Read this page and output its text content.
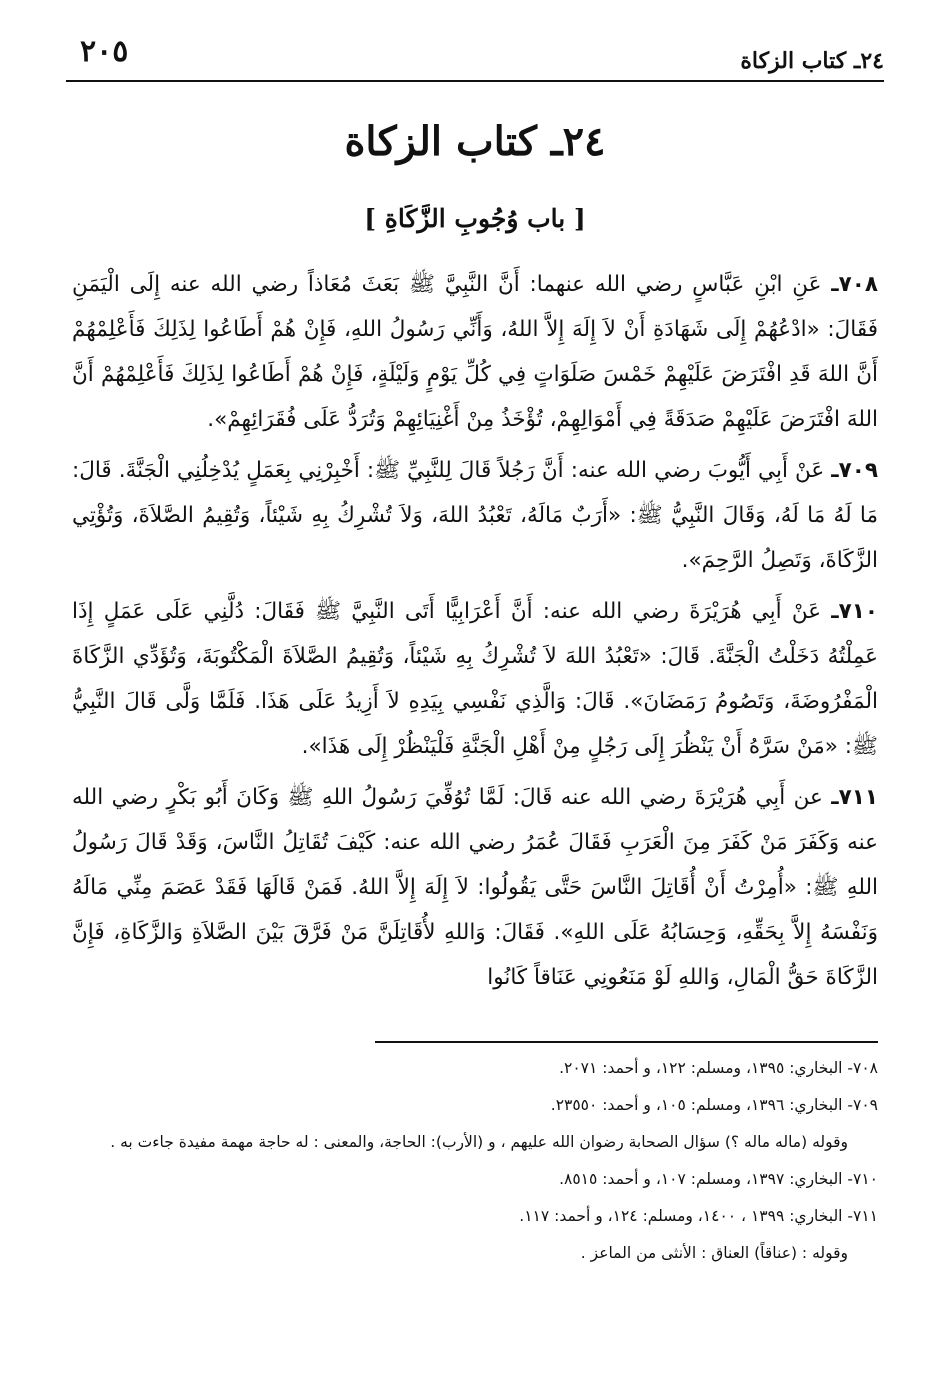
٢٤ـ كتاب الزكاة
٢٠٥
٢٤ـ كتاب الزكاة
[ باب وُجُوبِ الزَّكَاةِ ]

٧٠٨ـ عَنِ ابْنِ عَبَّاسٍ رضي الله عنهما: أَنَّ النَّبِيَّ ﷺ بَعَثَ مُعَاذاً رضي الله عنه إِلَى الْيَمَنِ فَقَالَ: «ادْعُهُمْ إِلَى شَهَادَةِ أَنْ لاَ إِلَهَ إِلاَّ اللهُ، وَأَنِّي رَسُولُ اللهِ، فَإِنْ هُمْ أَطَاعُوا لِذَلِكَ فَأَعْلِمْهُمْ أَنَّ اللهَ قَدِ افْتَرَضَ عَلَيْهِمْ خَمْسَ صَلَوَاتٍ فِي كُلِّ يَوْمٍ وَلَيْلَةٍ، فَإِنْ هُمْ أَطَاعُوا لِذَلِكَ فَأَعْلِمْهُمْ أَنَّ اللهَ افْتَرَضَ عَلَيْهِمْ صَدَقَةً فِي أَمْوَالِهِمْ، تُؤْخَذُ مِنْ أَغْنِيَائِهِمْ وَتُرَدُّ عَلَى فُقَرَائِهِمْ».

٧٠٩ـ عَنْ أَبِي أَيُّوبَ رضي الله عنه: أَنَّ رَجُلاً قَالَ لِلنَّبِيِّ ﷺ: أَخْبِرْنِي بِعَمَلٍ يُدْخِلُنِي الْجَنَّةَ. قَالَ: مَا لَهُ مَا لَهُ، وَقَالَ النَّبِيُّ ﷺ: «أَرَبٌ مَالَهُ، تَعْبُدُ اللهَ، وَلاَ تُشْرِكُ بِهِ شَيْئاً، وَتُقِيمُ الصَّلاَةَ، وَتُؤْتِي الزَّكَاةَ، وَتَصِلُ الرَّحِمَ».

٧١٠ـ عَنْ أَبِي هُرَيْرَةَ رضي الله عنه: أَنَّ أَعْرَابِيًّا أَتَى النَّبِيَّ ﷺ فَقَالَ: دُلَّنِي عَلَى عَمَلٍ إِذَا عَمِلْتُهُ دَخَلْتُ الْجَنَّةَ. قَالَ: «تَعْبُدُ اللهَ لاَ تُشْرِكُ بِهِ شَيْئاً، وَتُقِيمُ الصَّلاَةَ الْمَكْتُوبَةَ، وَتُؤَدِّي الزَّكَاةَ الْمَفْرُوضَةَ، وَتَصُومُ رَمَضَانَ». قَالَ: وَالَّذِي نَفْسِي بِيَدِهِ لاَ أَزِيدُ عَلَى هَذَا. فَلَمَّا وَلَّى قَالَ النَّبِيُّ ﷺ: «مَنْ سَرَّهُ أَنْ يَنْظُرَ إِلَى رَجُلٍ مِنْ أَهْلِ الْجَنَّةِ فَلْيَنْظُرْ إِلَى هَذَا».

٧١١ـ عن أَبِي هُرَيْرَةَ رضي الله عنه قَالَ: لَمَّا تُوُفِّيَ رَسُولُ اللهِ ﷺ وَكَانَ أَبُو بَكْرٍ رضي الله عنه وَكَفَرَ مَنْ كَفَرَ مِنَ الْعَرَبِ فَقَالَ عُمَرُ رضي الله عنه: كَيْفَ تُقَاتِلُ النَّاسَ، وَقَدْ قَالَ رَسُولُ اللهِ ﷺ: «أُمِرْتُ أَنْ أُقَاتِلَ النَّاسَ حَتَّى يَقُولُوا: لاَ إِلَهَ إِلاَّ اللهُ. فَمَنْ قَالَهَا فَقَدْ عَصَمَ مِنِّي مَالَهُ وَنَفْسَهُ إِلاَّ بِحَقِّهِ، وَحِسَابُهُ عَلَى اللهِ». فَقَالَ: وَاللهِ لأُقَاتِلَنَّ مَنْ فَرَّقَ بَيْنَ الصَّلاَةِ وَالزَّكَاةِ، فَإِنَّ الزَّكَاةَ حَقُّ الْمَالِ، وَاللهِ لَوْ مَنَعُونِي عَنَاقاً كَانُوا

٧٠٨- البخاري: ١٣٩٥، ومسلم: ١٢٢، و أحمد: ٢٠٧١.

٧٠٩- البخاري: ١٣٩٦، ومسلم: ١٠٥، و أحمد: ٢٣٥٥٠.

وقوله (ماله ماله ؟) سؤال الصحابة رضوان الله عليهم ، و (الأرب): الحاجة، والمعنى : له حاجة مهمة مفيدة جاءت به .

٧١٠- البخاري: ١٣٩٧، ومسلم: ١٠٧، و أحمد: ٨٥١٥.

٧١١- البخاري: ١٣٩٩ ، ١٤٠٠، ومسلم: ١٢٤، و أحمد: ١١٧.

وقوله : (عناقاً) العناق : الأنثى من الماعز .
